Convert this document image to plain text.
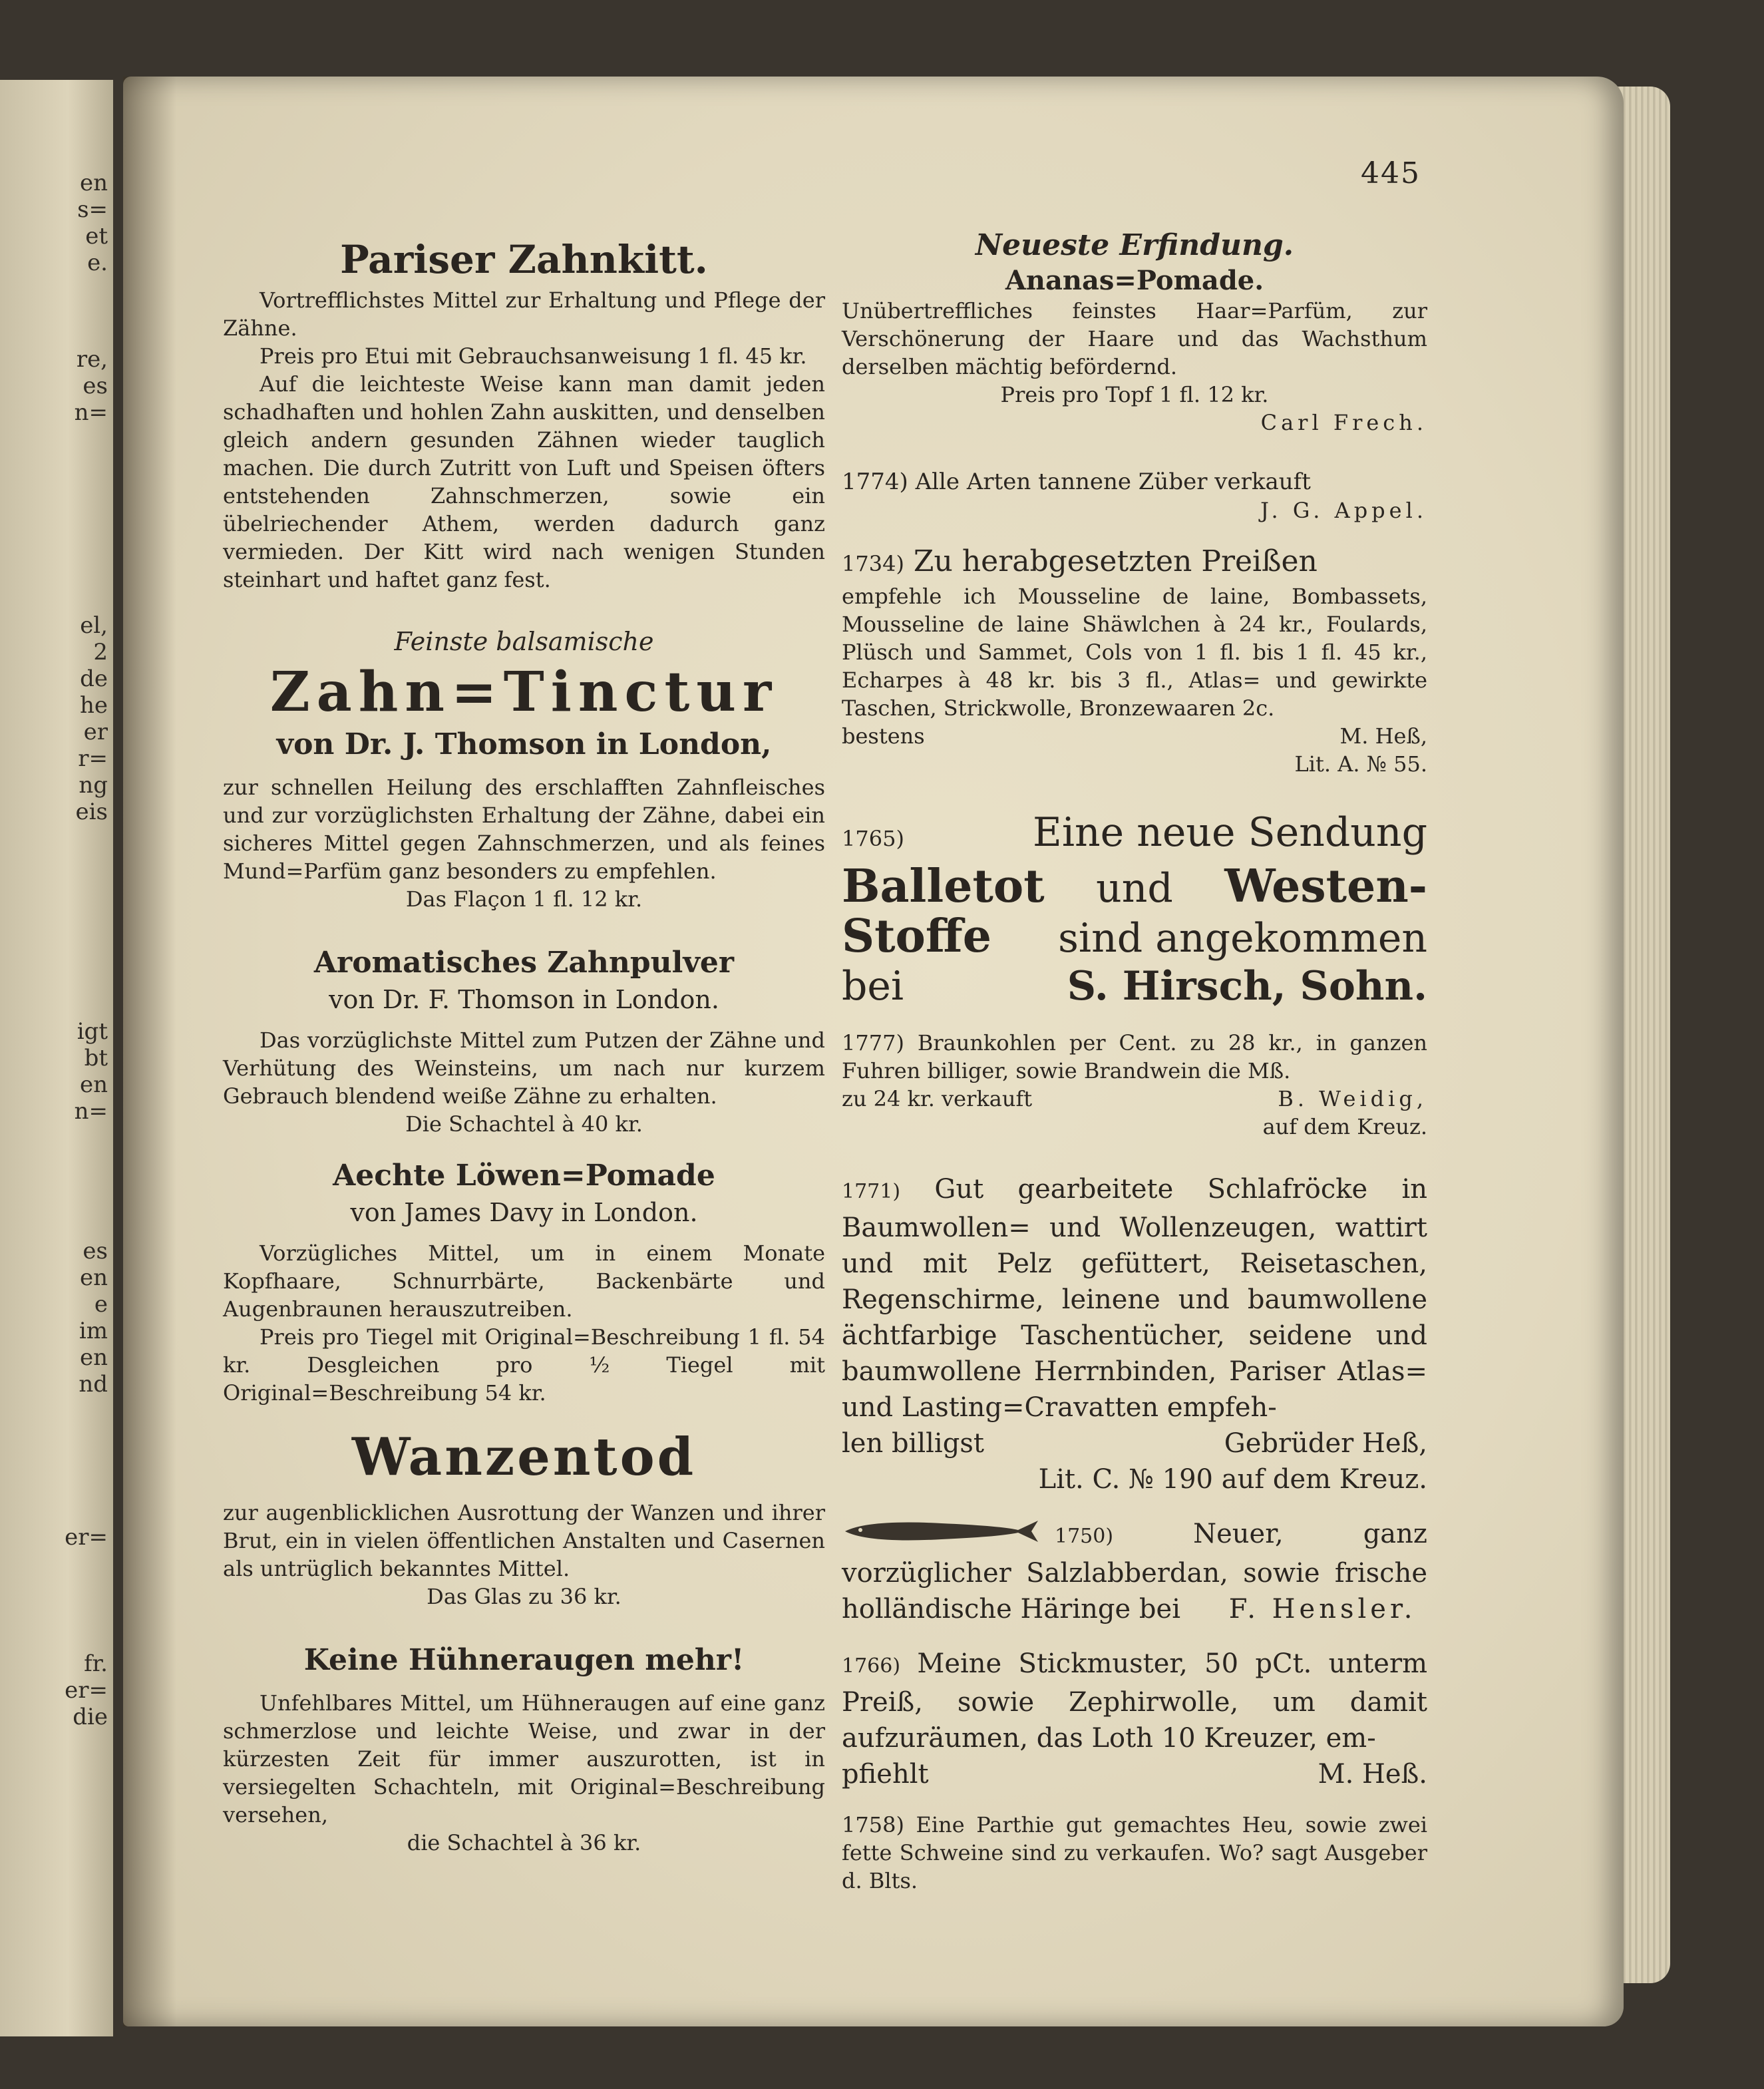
en
s=
et
e.
re,
es
n=
el,
2
de
he
er
r=
ng
eis
igt
bt
en
n=
es
en
e
im
en
nd
er=
fr.
er=
die
445

Pariser Zahnkitt.

Vortrefflichstes Mittel zur Erhaltung und Pflege der Zähne.

Preis pro Etui mit Gebrauchsanweisung 1 fl. 45 kr.

Auf die leichteste Weise kann man damit jeden schadhaften und hohlen Zahn auskitten, und denselben gleich andern gesunden Zähnen wieder tauglich machen. Die durch Zutritt von Luft und Speisen öfters entstehenden Zahnschmerzen, sowie ein übelriechender Athem, werden dadurch ganz vermieden. Der Kitt wird nach wenigen Stunden steinhart und haftet ganz fest.

Feinste balsamische

Zahn=Tinctur

von Dr. J. Thomson in London,

zur schnellen Heilung des erschlafften Zahnfleisches und zur vorzüglichsten Erhaltung der Zähne, dabei ein sicheres Mittel gegen Zahnschmerzen, und als feines Mund=Parfüm ganz besonders zu empfehlen.

Das Flaçon 1 fl. 12 kr.

Aromatisches Zahnpulver

von Dr. F. Thomson in London.

Das vorzüglichste Mittel zum Putzen der Zähne und Verhütung des Weinsteins, um nach nur kurzem Gebrauch blendend weiße Zähne zu erhalten.

Die Schachtel à 40 kr.

Aechte Löwen=Pomade

von James Davy in London.

Vorzügliches Mittel, um in einem Monate Kopfhaare, Schnurrbärte, Backenbärte und Augenbraunen herauszutreiben.

Preis pro Tiegel mit Original=Beschreibung 1 fl. 54 kr. Desgleichen pro ½ Tiegel mit Original=Beschreibung 54 kr.

Wanzentod

zur augenblicklichen Ausrottung der Wanzen und ihrer Brut, ein in vielen öffentlichen Anstalten und Casernen als untrüglich bekanntes Mittel.

Das Glas zu 36 kr.

Keine Hühneraugen mehr!

Unfehlbares Mittel, um Hühneraugen auf eine ganz schmerzlose und leichte Weise, und zwar in der kürzesten Zeit für immer auszurotten, ist in versiegelten Schachteln, mit Original=Beschreibung versehen,

die Schachtel à 36 kr.

Neueste Erfindung.

Ananas=Pomade.

Unübertreffliches feinstes Haar=Parfüm, zur Verschönerung der Haare und das Wachsthum derselben mächtig befördernd.

Preis pro Topf 1 fl. 12 kr.

Carl Frech.

1774) Alle Arten tannene Züber verkauft

J. G. Appel.

1734) Zu herabgesetzten Preißen

empfehle ich Mousseline de laine, Bombassets, Mousseline de laine Shäwlchen à 24 kr., Foulards, Plüsch und Sammet, Cols von 1 fl. bis 1 fl. 45 kr., Echarpes à 48 kr. bis 3 fl., Atlas= und gewirkte Taschen, Strickwolle, Bronzewaaren 2c.

bestens	M. Heß,

Lit. A. № 55.

1765)	Eine neue Sendung
Balletot und Westen-
Stoffe sind angekommen
bei	S. Hirsch, Sohn.

1777) Braunkohlen per Cent. zu 28 kr., in ganzen Fuhren billiger, sowie Brandwein die Mß.

zu 24 kr. verkauft	B. Weidig,

auf dem Kreuz.

1771) Gut gearbeitete Schlafröcke in Baumwollen= und Wollenzeugen, wattirt und mit Pelz gefüttert, Reisetaschen, Regenschirme, leinene und baumwollene ächtfarbige Taschentücher, seidene und baumwollene Herrnbinden, Pariser Atlas= und Lasting=Cravatten empfeh-

len billigst	Gebrüder Heß,

Lit. C. № 190 auf dem Kreuz.

1750)	Neuer, ganz vorzüglicher Salzlabberdan, sowie frische holländische Häringe bei F. Hensler.

1766) Meine Stickmuster, 50 pCt. unterm Preiß, sowie Zephirwolle, um damit aufzuräumen, das Loth 10 Kreuzer, em-

pfiehlt	M. Heß.

1758) Eine Parthie gut gemachtes Heu, sowie zwei fette Schweine sind zu verkaufen. Wo? sagt Ausgeber d. Blts.
